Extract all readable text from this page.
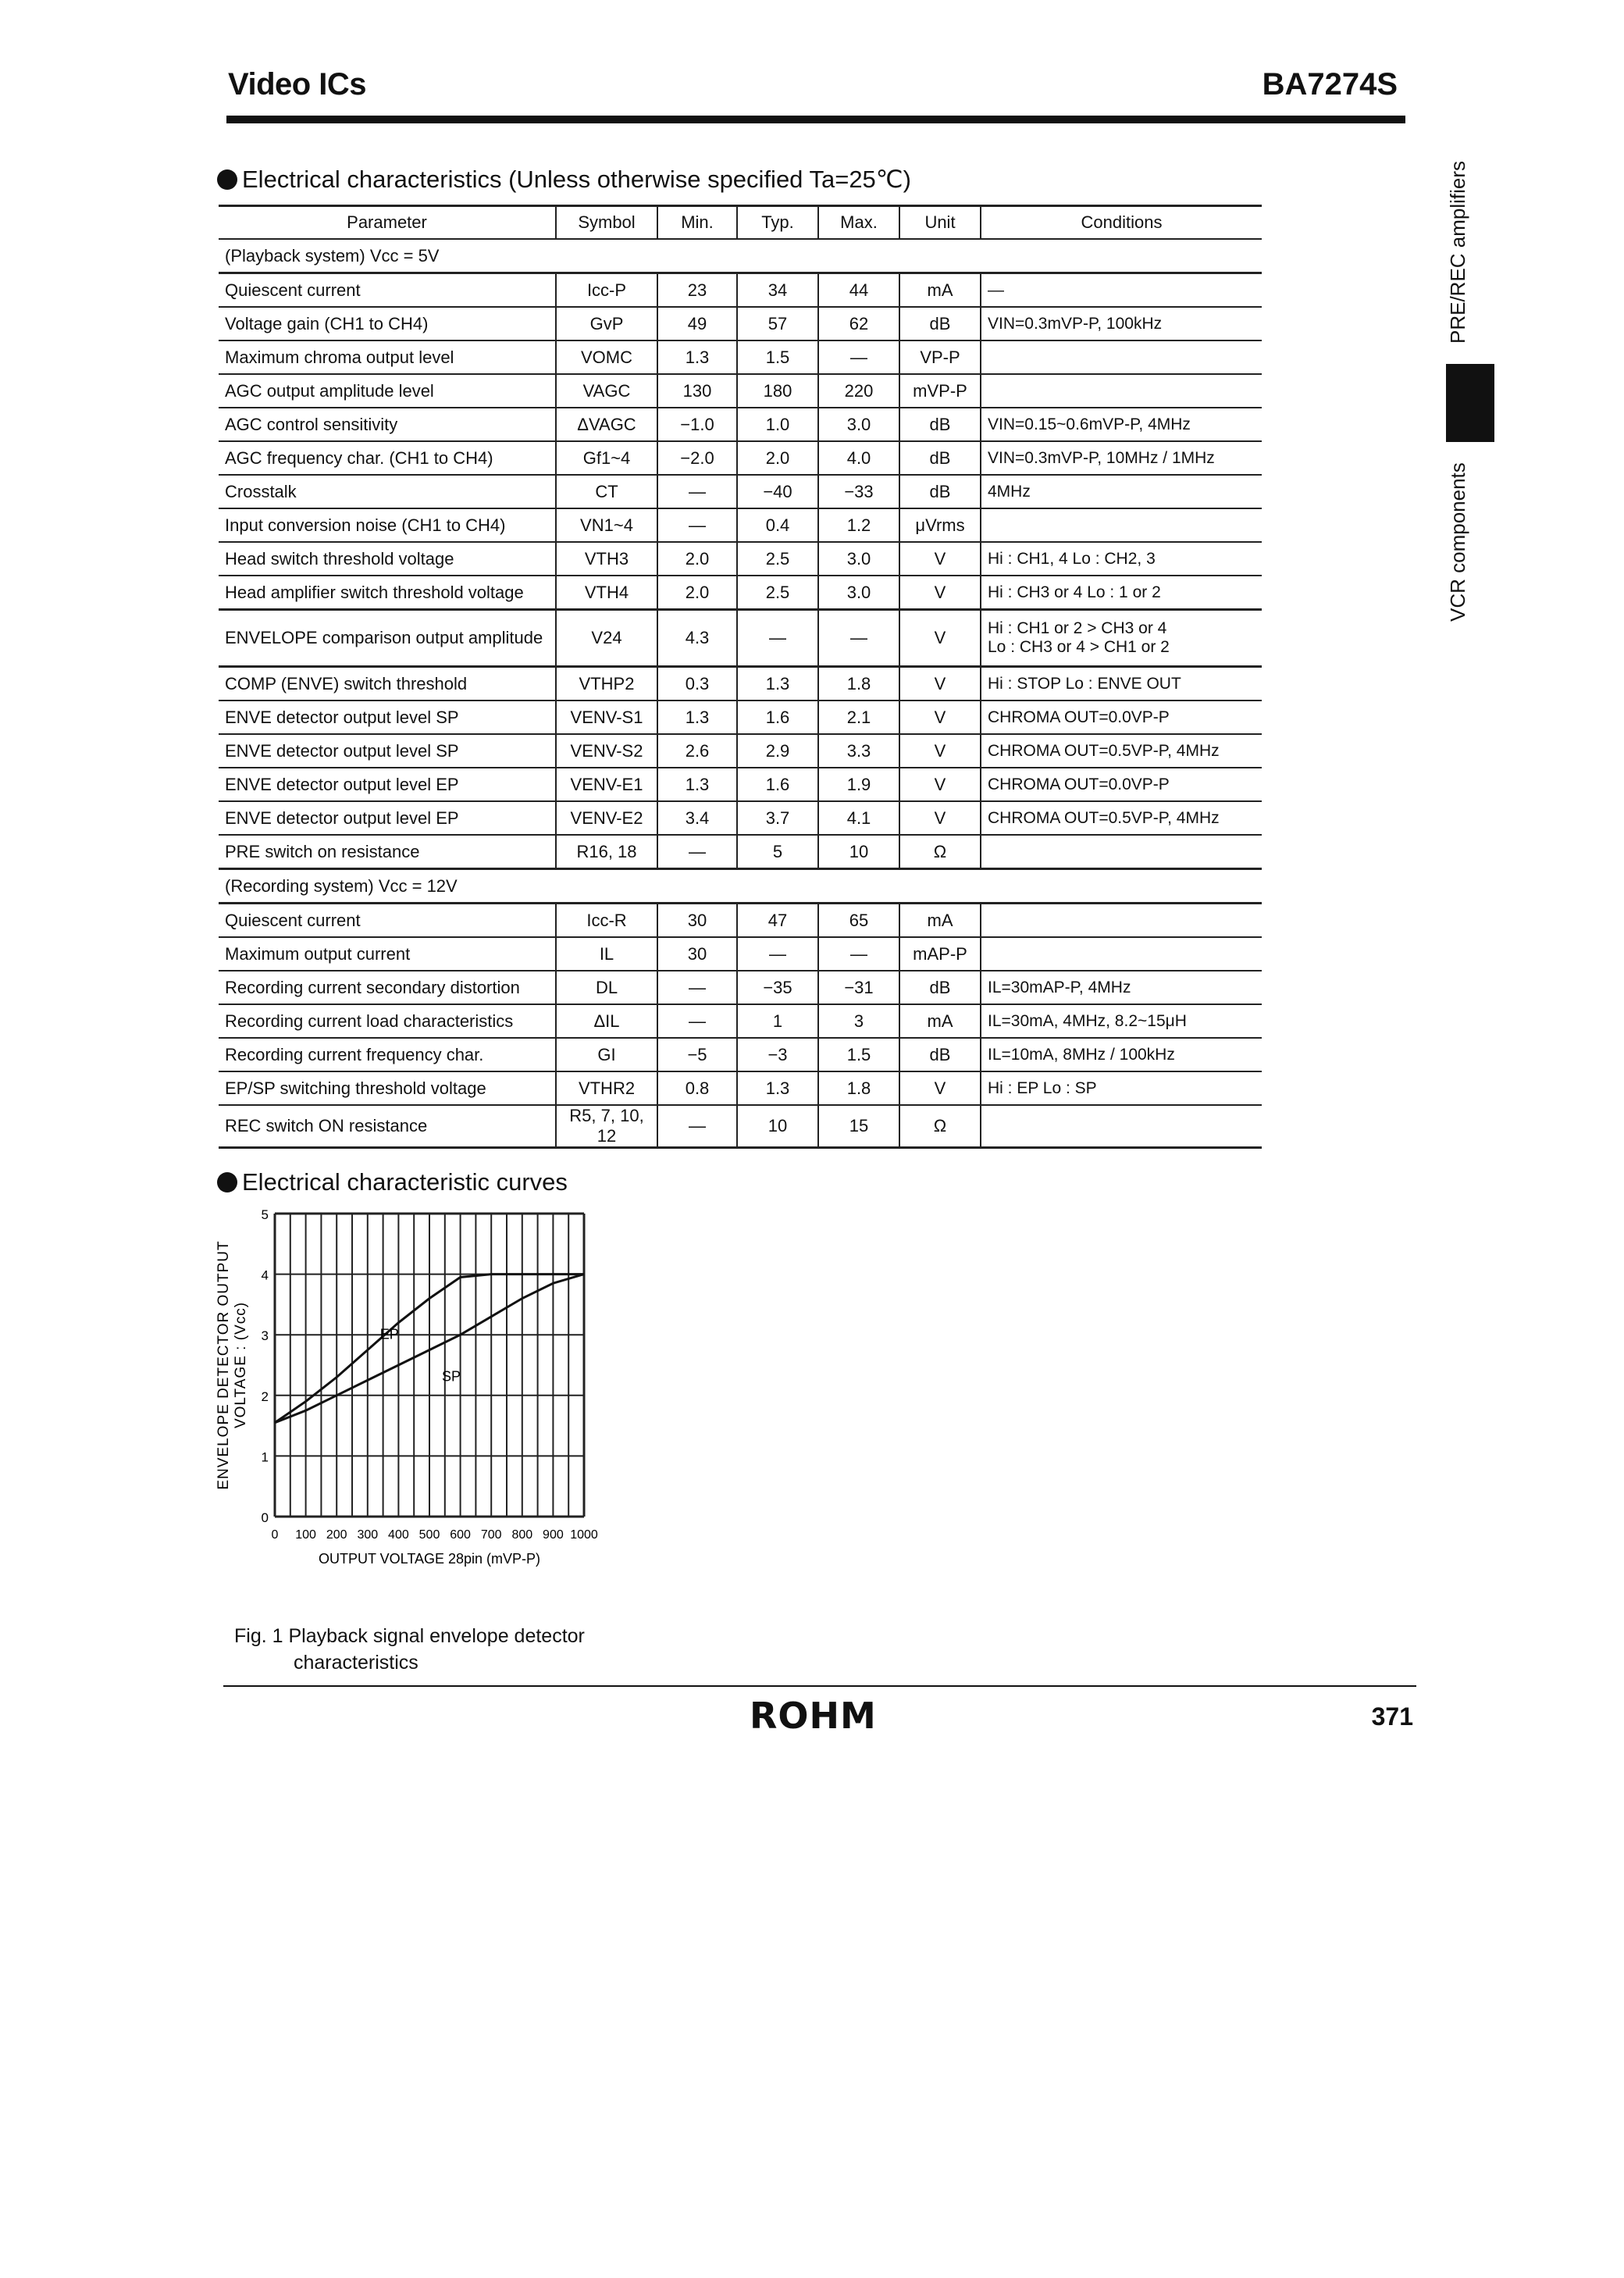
Video ICs	BA7274S
PRE/REC amplifiers
VCR components
Electrical characteristics (Unless otherwise specified Ta=25℃)
Parameter	Symbol	Min.	Typ.	Max.	Unit	Conditions
(Playback system) Vcc = 5V						
Quiescent current	Icc-P	23	34	44	mA	—
Voltage gain (CH1 to CH4)	GvP	49	57	62	dB	VIN=0.3mVP-P, 100kHz
Maximum chroma output level	VOMC	1.3	1.5	—	VP-P	
AGC output amplitude level	VAGC	130	180	220	mVP-P	
AGC control sensitivity	ΔVAGC	−1.0	1.0	3.0	dB	VIN=0.15~0.6mVP-P, 4MHz
AGC frequency char. (CH1 to CH4)	Gf1~4	−2.0	2.0	4.0	dB	VIN=0.3mVP-P, 10MHz / 1MHz
Crosstalk	CT	—	−40	−33	dB	4MHz
Input conversion noise (CH1 to CH4)	VN1~4	—	0.4	1.2	μVrms	
Head switch threshold voltage	VTH3	2.0	2.5	3.0	V	Hi : CH1, 4 Lo : CH2, 3
Head amplifier switch threshold voltage	VTH4	2.0	2.5	3.0	V	Hi : CH3 or 4 Lo : 1 or 2
ENVELOPE comparison output amplitude	V24	4.3	—	—	V	Hi : CH1 or 2 > CH3 or 4
Lo : CH3 or 4 > CH1 or 2

COMP (ENVE) switch threshold	VTHP2	0.3	1.3	1.8	V	Hi : STOP Lo : ENVE OUT
ENVE detector output level SP	VENV-S1	1.3	1.6	2.1	V	CHROMA OUT=0.0VP-P
ENVE detector output level SP	VENV-S2	2.6	2.9	3.3	V	CHROMA OUT=0.5VP-P, 4MHz
ENVE detector output level EP	VENV-E1	1.3	1.6	1.9	V	CHROMA OUT=0.0VP-P
ENVE detector output level EP	VENV-E2	3.4	3.7	4.1	V	CHROMA OUT=0.5VP-P, 4MHz
PRE switch on resistance	R16, 18	—	5	10	Ω	
(Recording system) Vcc = 12V						
Quiescent current	Icc-R	30	47	65	mA	
Maximum output current	IL	30	—	—	mAP-P	
Recording current secondary distortion	DL	—	−35	−31	dB	IL=30mAP-P, 4MHz
Recording current load characteristics	ΔIL	—	1	3	mA	IL=30mA, 4MHz, 8.2~15μH
Recording current frequency char.	GI	−5	−3	1.5	dB	IL=10mA, 8MHz / 100kHz
EP/SP switching threshold voltage	VTHR2	0.8	1.3	1.8	V	Hi : EP Lo : SP
REC switch ON resistance	R5, 7, 10, 12	—	10	15	Ω	
Electrical characteristic curves
0
1
2
3
4
5
0 100 200 300 400 500 600 700 800 900 1000
OUTPUT VOLTAGE 28pin (mVP-P)
ENVELOPE DETECTOR OUTPUT VOLTAGE : (Vcc)	EP
SP
Fig. 1 Playback signal envelope detector
characteristics
ROHM	371
